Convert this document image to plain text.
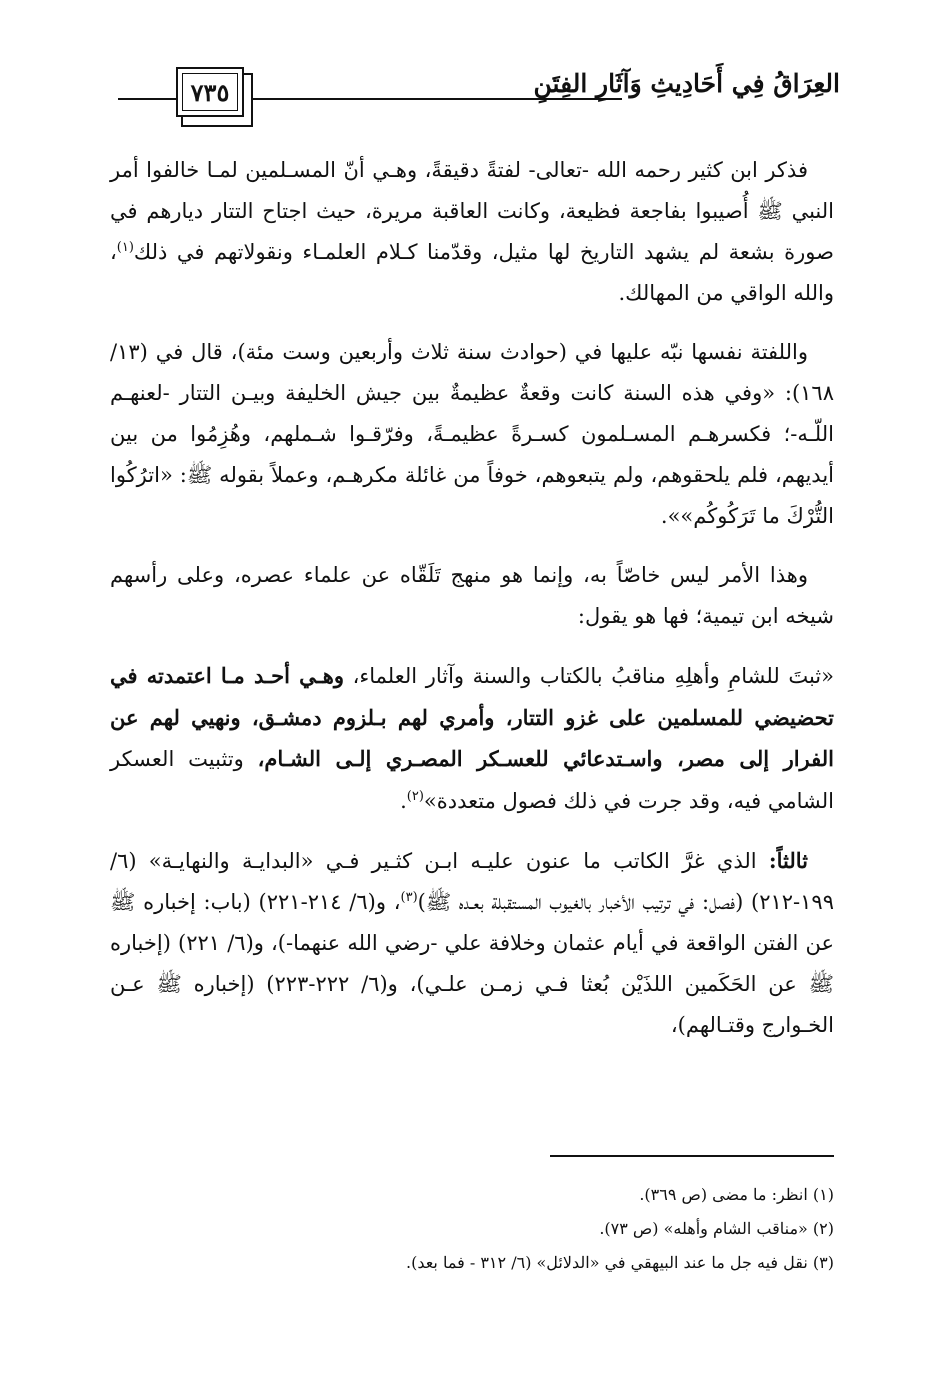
٧٣٥	العِرَاقُ فِي أَحَادِيثِ وَآثَارِ الفِتَنِ

فذكر ابن كثير رحمه الله -تعالى- لفتةً دقيقةً، وهـي أنّ المسـلمين لمـا خالفوا أمر النبي ﷺ أُصيبوا بفاجعة فظيعة، وكانت العاقبة مريرة، حيث اجتاح التتار ديارهم في صورة بشعة لم يشهد التاريخ لها مثيل، وقدّمنا كـلام العلمـاء ونقولاتهم في ذلك$^{(١)}$، والله الواقي من المهالك.

واللفتة نفسها نبّه عليها في (حوادث سنة ثلاث وأربعين وست مئة)، قال في (١٣/ ١٦٨): «وفي هذه السنة كانت وقعةٌ عظيمةٌ بين جيش الخليفة وبيـن التتار -لعنهـم اللّـه-؛ فكسرهـم المسـلمون كسـرةً عظيمـةً، وفرّقـوا شـملهم، وهُزِمُوا من بين أيديهم، فلم يلحقوهم، ولم يتبعوهم، خوفاً من غائلة مكرهـم، وعملاً بقوله ﷺ: «اترُكُوا التُّرْكَ ما تَرَكُوكُم»».

وهذا الأمر ليس خاصّاً به، وإنما هو منهج تَلَقّاه عن علماء عصره، وعلى رأسهم شيخه ابن تيمية؛ فها هو يقول:

«ثبتَ للشامِ وأهلِهِ مناقبُ بالكتاب والسنة وآثار العلماء، وهـي أحـد مـا اعتمدته في تحضيضي للمسلمين على غزو التتار، وأمري لهم بـلزوم دمشـق، ونهيي لهم عن الفرار إلى مصر، واسـتدعائي للعسـكر المصـري إلـى الشـام، وتثبيت العسكر الشامي فيه، وقد جرت في ذلك فصول متعددة»$^{(٢)}$.

ثالثاً: الذي غرَّ الكاتب ما عنون عليـه ابـن كثـير فـي «البدايـة والنهايـة» (٦/ ١٩٩-٢١٢) (فصل: في ترتيب الأخبار بالغيوب المستقبلة بعـده ﷺ)$^{(٣)}$، و(٦/ ٢١٤-٢٢١) (باب: إخباره ﷺ عن الفتن الواقعة في أيام عثمان وخلافة علي -رضي الله عنهما-)، و(٦/ ٢٢١) (إخباره ﷺ عن الحَكَمين اللذَيْن بُعثا فـي زمـن علـي)، و(٦/ ٢٢٢-٢٢٣) (إخباره ﷺ عـن الخـوارج وقتـالهم)،

(١) انظر: ما مضى (ص ٣٦٩).
(٢) «مناقب الشام وأهله» (ص ٧٣).
(٣) نقل فيه جل ما عند البيهقي في «الدلائل» (٦/ ٣١٢ - فما بعد).
